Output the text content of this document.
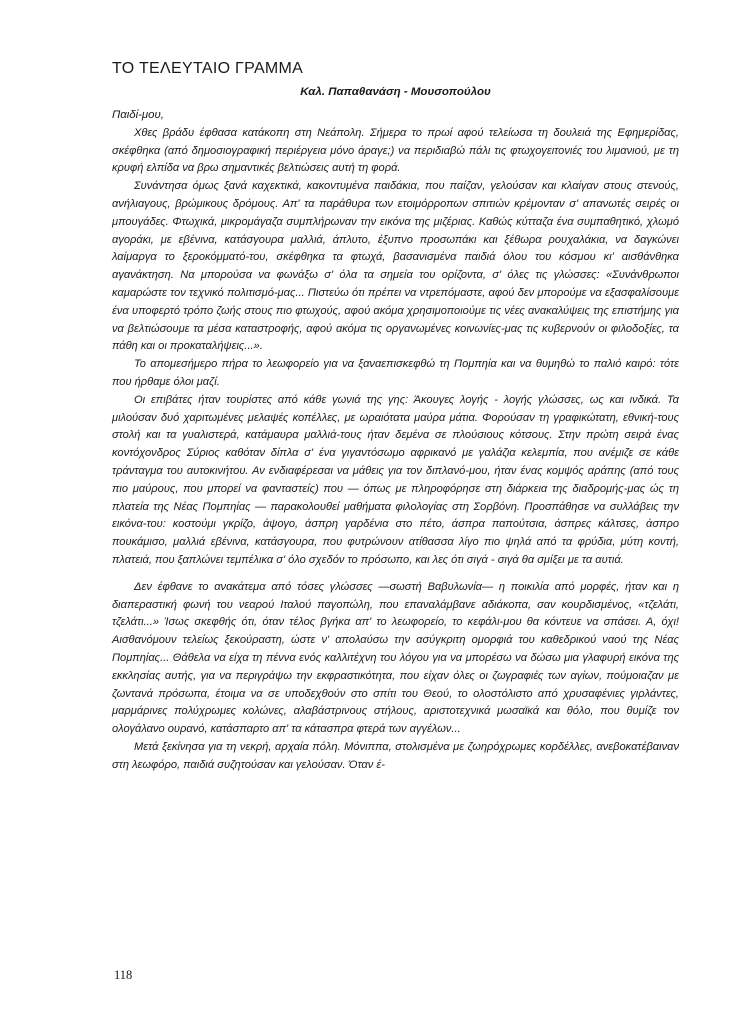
ΤΟ ΤΕΛΕΥΤΑΙΟ ΓΡΑΜΜΑ

Καλ. Παπαθανάση - Μουσοπούλου

Παιδί-μου,

Χθες βράδυ έφθασα κατάκοπη στη Νεάπολη. Σήμερα το πρωί αφού τελείωσα τη δουλειά της Εφημερίδας, σκέφθηκα (από δημοσιογραφική περιέργεια μόνο άραγε;) να περιδιαβώ πάλι τις φτωχογειτονιές του λιμανιού, με τη κρυφή ελπίδα να βρω σημαντικές βελτιώσεις αυτή τη φορά.

Συνάντησα όμως ξανά καχεκτικά, κακοντυμένα παιδάκια, που παίζαν, γελούσαν και κλαίγαν στους στενούς, ανήλιαγους, βρώμικους δρόμους. Απ' τα παράθυρα των ετοιμόρροπων σπιτιών κρέμονταν σ' απανωτές σειρές οι μπουγάδες. Φτωχικά, μικρομάγαζα συμπλήρωναν την εικόνα της μιζέριας. Καθώς κύτταζα ένα συμπαθητικό, χλωμό αγοράκι, με εβένινα, κατάσγουρα μαλλιά, άπλυτο, έξυπνο προσωπάκι και ξέθωρα ρουχαλάκια, να δαγκώνει λαίμαργα το ξεροκόμματό-του, σκέφθηκα τα φτωχά, βασανισμένα παιδιά όλου του κόσμου κι' αισθάνθηκα αγανάκτηση. Να μπορούσα να φωνάξω σ' όλα τα σημεία του ορίζοντα, σ' όλες τις γλώσσες: «Συνάνθρωποι καμαρώστε τον τεχνικό πολιτισμό-μας... Πιστεύω ότι πρέπει να ντρεπόμαστε, αφού δεν μπορούμε να εξασφαλίσουμε ένα υποφερτό τρόπο ζωής στους πιο φτωχούς, αφού ακόμα χρησιμοποιούμε τις νέες ανακαλύψεις της επιστήμης για να βελτιώσουμε τα μέσα καταστροφής, αφού ακόμα τις οργανωμένες κοινωνίες-μας τις κυβερνούν οι φιλοδοξίες, τα πάθη και οι προκαταλήψεις...».

Το απομεσήμερο πήρα το λεωφορείο για να ξαναεπισκεφθώ τη Πομπηία και να θυμηθώ το παλιό καιρό: τότε που ήρθαμε όλοι μαζί.

Οι επιβάτες ήταν τουρίστες από κάθε γωνιά της γης: Άκουγες λογής - λογής γλώσσες, ως και ινδικά. Τα μιλούσαν δυό χαριτωμένες μελαψές κοπέλλες, με ωραιότατα μαύρα μάτια. Φορούσαν τη γραφικώτατη, εθνική-τους στολή και τα γυαλιστερά, κατάμαυρα μαλλιά-τους ήταν δεμένα σε πλούσιους κότσους. Στην πρώτη σειρά ένας κοντόχονδρος Σύριος καθόταν δίπλα σ' ένα γιγαντόσωμο αφρικανό με γαλάζια κελεμπία, που ανέμιζε σε κάθε τράνταγμα του αυτοκινήτου. Αν ενδιαφέρεσαι να μάθεις για τον διπλανό-μου, ήταν ένας κομψός αράπης (από τους πιο μαύρους, που μπορεί να φανταστείς) που — όπως με πληροφόρησε στη διάρκεια της διαδρομής-μας ώς τη πλατεία της Νέας Πομπηίας — παρακολουθεί μαθήματα φιλολογίας στη Σορβόνη. Προσπάθησε να συλλάβεις την εικόνα-του: κοστούμι γκρίζο, άψογο, άσπρη γαρδένια στο πέτο, άσπρα παπούτσια, άσπρες κάλτσες, άσπρο πουκάμισο, μαλλιά εβένινα, κατάσγουρα, που φυτρώνουν ατίθασσα λίγο πιο ψηλά από τα φρύδια, μύτη κοντή, πλατειά, που ξαπλώνει τεμπέλικα σ' όλο σχεδόν το πρόσωπο, και λες ότι σιγά - σιγά θα σμίξει με τα αυτιά.

Δεν έφθανε το ανακάτεμα από τόσες γλώσσες —σωστή Βαβυλωνία— η ποικιλία από μορφές, ήταν και η διαπεραστική φωνή του νεαρού Ιταλού παγοπώλη, που επαναλάμβανε αδιάκοπα, σαν κουρδισμένος, «τζελάτι, τζελάτι...» Ίσως σκεφθής ότι, όταν τέλος βγήκα απ' το λεωφορείο, το κεφάλι-μου θα κόντευε να σπάσει. Α, όχι! Αισθανόμουν τελείως ξεκούραστη, ώστε ν' απολαύσω την ασύγκριτη ομορφιά του καθεδρικού ναού της Νέας Πομπηίας... Θάθελα να είχα τη πέννα ενός καλλιτέχνη του λόγου για να μπορέσω να δώσω μια γλαφυρή εικόνα της εκκλησίας αυτής, για να περιγράψω την εκφραστικότητα, που είχαν όλες οι ζωγραφιές των αγίων, πούμοιαζαν με ζωντανά πρόσωπα, έτοιμα να σε υποδεχθούν στο σπίτι του Θεού, το ολοστόλιστο από χρυσαφένιες γιρλάντες, μαρμάρινες πολύχρωμες κολώνες, αλαβάστρινους στήλους, αριστοτεχνικά μωσαϊκά και θόλο, που θυμίζε τον ολογάλανο ουρανό, κατάσπαρτο απ' τα κάτασπρα φτερά των αγγέλων...

Μετά ξεκίνησα για τη νεκρή, αρχαία πόλη. Μόνιππα, στολισμένα με ζωηρόχρωμες κορδέλλες, ανεβοκατέβαιναν στη λεωφόρο, παιδιά συζητούσαν και γελούσαν. Όταν έ-

118
